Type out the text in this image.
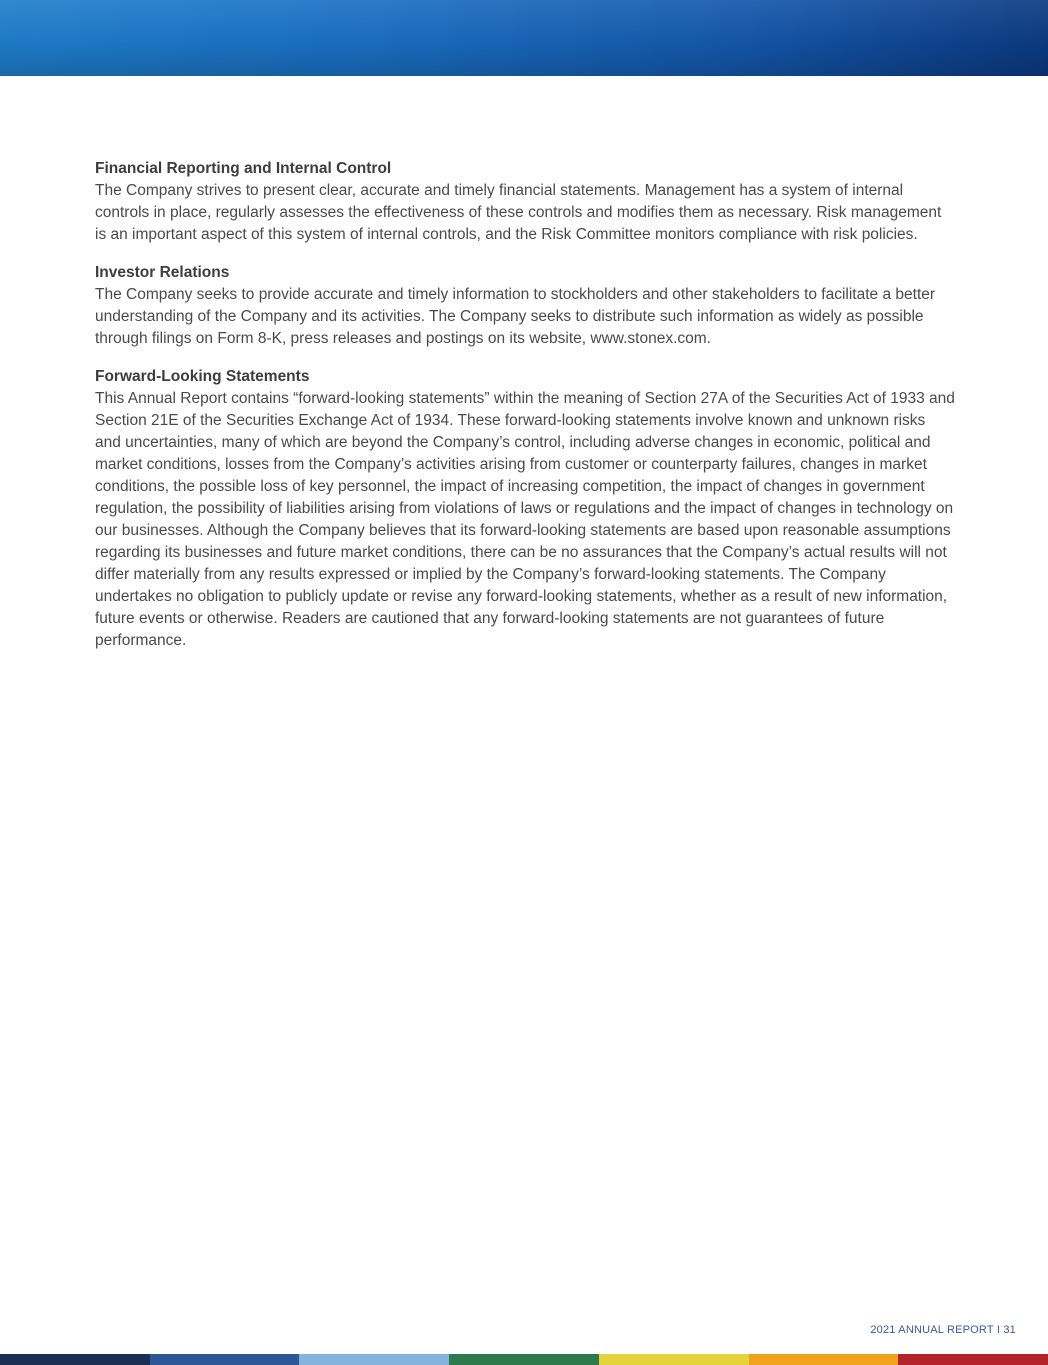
Financial Reporting and Internal Control
The Company strives to present clear, accurate and timely financial statements. Management has a system of internal controls in place, regularly assesses the effectiveness of these controls and modifies them as necessary. Risk management is an important aspect of this system of internal controls, and the Risk Committee monitors compliance with risk policies.
Investor Relations
The Company seeks to provide accurate and timely information to stockholders and other stakeholders to facilitate a better understanding of the Company and its activities. The Company seeks to distribute such information as widely as possible through filings on Form 8-K, press releases and postings on its website, www.stonex.com.
Forward-Looking Statements
This Annual Report contains “forward-looking statements” within the meaning of Section 27A of the Securities Act of 1933 and Section 21E of the Securities Exchange Act of 1934. These forward-looking statements involve known and unknown risks and uncertainties, many of which are beyond the Company’s control, including adverse changes in economic, political and market conditions, losses from the Company’s activities arising from customer or counterparty failures, changes in market conditions, the possible loss of key personnel, the impact of increasing competition, the impact of changes in government regulation, the possibility of liabilities arising from violations of laws or regulations and the impact of changes in technology on our businesses. Although the Company believes that its forward-looking statements are based upon reasonable assumptions regarding its businesses and future market conditions, there can be no assurances that the Company’s actual results will not differ materially from any results expressed or implied by the Company’s forward-looking statements. The Company undertakes no obligation to publicly update or revise any forward-looking statements, whether as a result of new information, future events or otherwise. Readers are cautioned that any forward-looking statements are not guarantees of future performance.
2021 ANNUAL REPORT I 31
